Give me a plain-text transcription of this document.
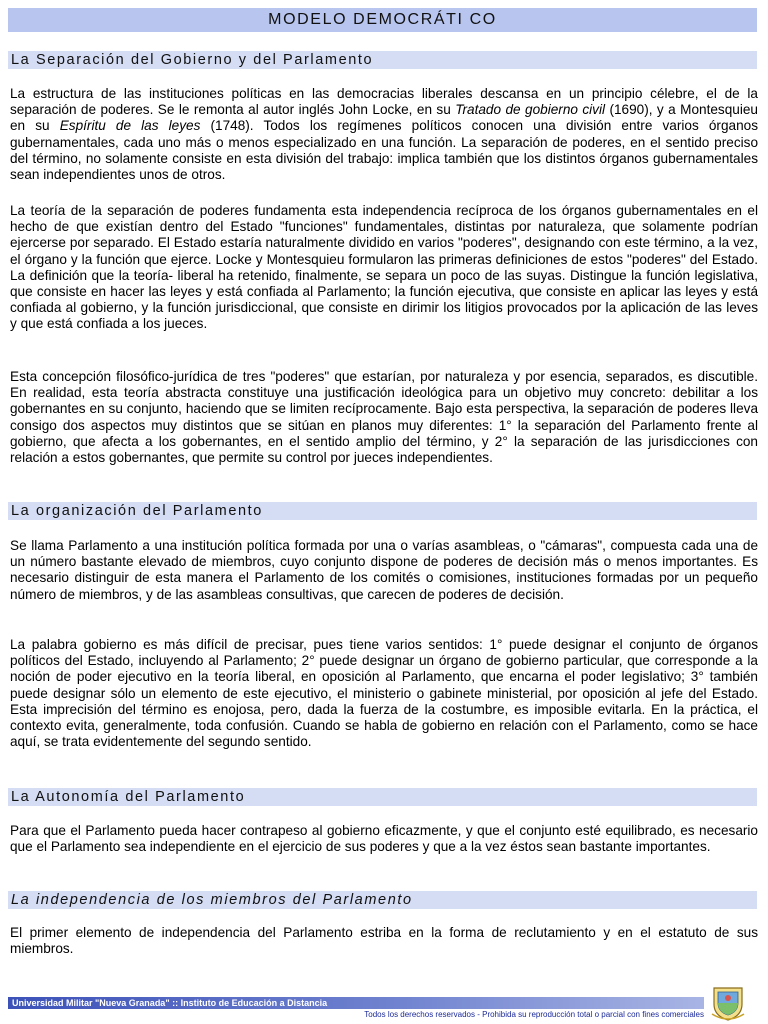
MODELO DEMOCRÁTI CO
La Separación del Gobierno y del Parlamento

La estructura de las instituciones políticas en las democracias liberales descansa en un principio célebre, el de la separación de poderes. Se le remonta al autor inglés John Locke, en su Tratado de gobierno civil (1690), y a Montesquieu en su Espíritu de las leyes (1748). Todos los regímenes políticos conocen una división entre varios órganos gubernamentales, cada uno más o menos especializado en una función. La separación de poderes, en el sentido preciso del término, no solamente consiste en esta división del trabajo: implica también que los distintos órganos gubernamentales sean independientes unos de otros.

La teoría de la separación de poderes fundamenta esta independencia recíproca de los órganos gubernamentales en el hecho de que existían dentro del Estado "funciones" fundamentales, distintas por naturaleza, que solamente podrían ejercerse por separado. El Estado estaría naturalmente dividido en varios "poderes", designando con este término, a la vez, el órgano y la función que ejerce. Locke y Montesquieu formularon las primeras definiciones de estos "poderes" del Estado. La definición que la teoría- liberal ha retenido, finalmente, se separa un poco de las suyas. Distingue la función legislativa, que consiste en hacer las leyes y está confiada al Parlamento; la función ejecutiva, que consiste en aplicar las leyes y está confiada al gobierno, y la función jurisdiccional, que consiste en dirimir los litigios provocados por la aplicación de las leves y que está confiada a los jueces.

Esta concepción filosófico-jurídica de tres "poderes" que estarían, por naturaleza y por esencia, separados, es discutible. En realidad, esta teoría abstracta constituye una justificación ideológica para un objetivo muy concreto: debilitar a los gobernantes en su conjunto, haciendo que se limiten recíprocamente. Bajo esta perspectiva, la separación de poderes lleva consigo dos aspectos muy distintos que se sitúan en planos muy diferentes: 1° la separación del Parlamento frente al gobierno, que afecta a los gobernantes, en el sentido amplio del término, y 2° la separación de las jurisdicciones con relación a estos gobernantes, que permite su control por jueces independientes.

La organización del Parlamento

Se llama Parlamento a una institución política formada por una o varías asambleas, o "cámaras", compuesta cada una de un número bastante elevado de miembros, cuyo conjunto dispone de poderes de decisión más o menos importantes. Es necesario distinguir de esta manera el Parlamento de los comités o comisiones, instituciones formadas por un pequeño número de miembros, y de las asambleas consultivas, que carecen de poderes de decisión.

La palabra gobierno es más difícil de precisar, pues tiene varios sentidos: 1° puede designar el conjunto de órganos políticos del Estado, incluyendo al Parlamento; 2° puede designar un órgano de gobierno particular, que corresponde a la noción de poder ejecutivo en la teoría liberal, en oposición al Parlamento, que encarna el poder legislativo; 3° también puede designar sólo un elemento de este ejecutivo, el ministerio o gabinete ministerial, por oposición al jefe del Estado. Esta imprecisión del término es enojosa, pero, dada la fuerza de la costumbre, es imposible evitarla. En la práctica, el contexto evita, generalmente, toda confusión. Cuando se habla de gobierno en relación con el Parlamento, como se hace aquí, se trata evidentemente del segundo sentido.

La Autonomía del Parlamento

Para que el Parlamento pueda hacer contrapeso al gobierno eficazmente, y que el conjunto esté equilibrado, es necesario que el Parlamento sea independiente en el ejercicio de sus poderes y que a la vez éstos sean bastante importantes.

La independencia de los miembros del Parlamento

El primer elemento de independencia del Parlamento estriba en la forma de reclutamiento y en el estatuto de sus miembros.

Universidad Militar "Nueva Granada" :: Instituto de Educación a Distancia
Todos los derechos reservados - Prohibida su reproducción total o parcial con fines comerciales
